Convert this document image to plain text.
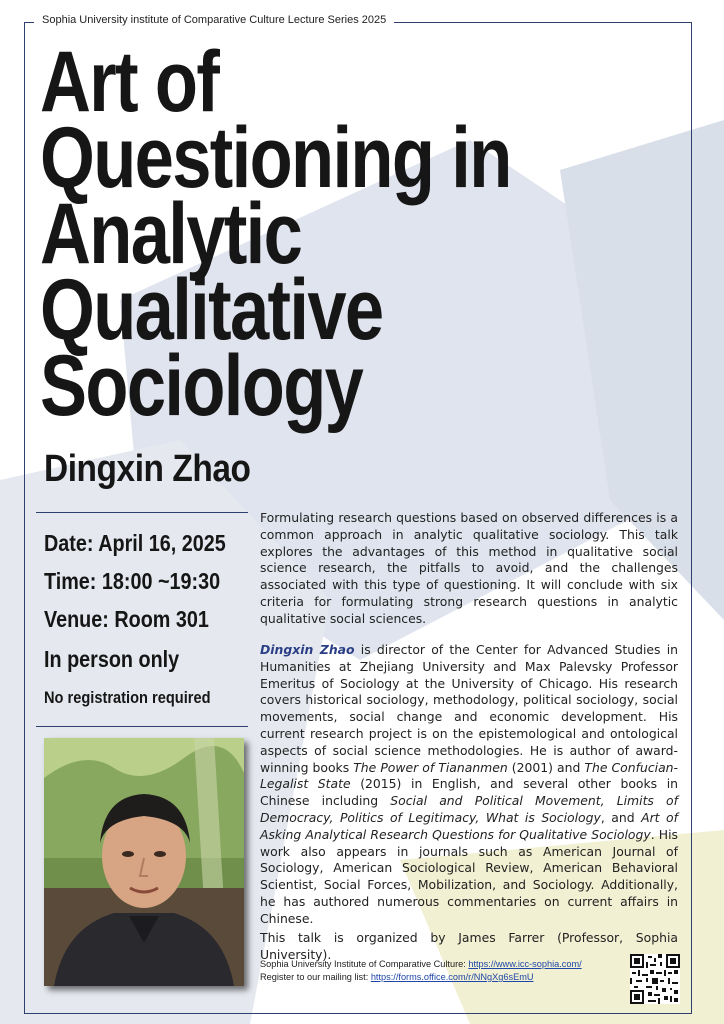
Sophia University institute of Comparative Culture Lecture Series 2025
Art of
Questioning in
Analytic
Qualitative
Sociology
Dingxin Zhao
Date: April 16, 2025
Time: 18:00 ~19:30
Venue: Room 301
In person only
No registration required
Formulating research questions based on observed differences is a common approach in analytic qualitative sociology. This talk explores the advantages of this method in qualitative social science research, the pitfalls to avoid, and the challenges associated with this type of questioning. It will conclude with six criteria for formulating strong research questions in analytic qualitative social sciences.
Dingxin Zhao is director of the Center for Advanced Studies in Humanities at Zhejiang University and Max Palevsky Professor Emeritus of Sociology at the University of Chicago. His research covers historical sociology, methodology, political sociology, social movements, social change and economic development. His current research project is on the epistemological and ontological aspects of social science methodologies. He is author of award-winning books The Power of Tiananmen (2001) and The Confucian-Legalist State (2015) in English, and several other books in Chinese including Social and Political Movement, Limits of Democracy, Politics of Legitimacy, What is Sociology, and Art of Asking Analytical Research Questions for Qualitative Sociology. His work also appears in journals such as American Journal of Sociology, American Sociological Review, American Behavioral Scientist, Social Forces, Mobilization, and Sociology. Additionally, he has authored numerous commentaries on current affairs in Chinese.
This talk is organized by James Farrer (Professor, Sophia University).
Sophia University Institute of Comparative Culture: https://www.icc-sophia.com/
Register to our mailing list: https://forms.office.com/r/NNgXg6sEmU
